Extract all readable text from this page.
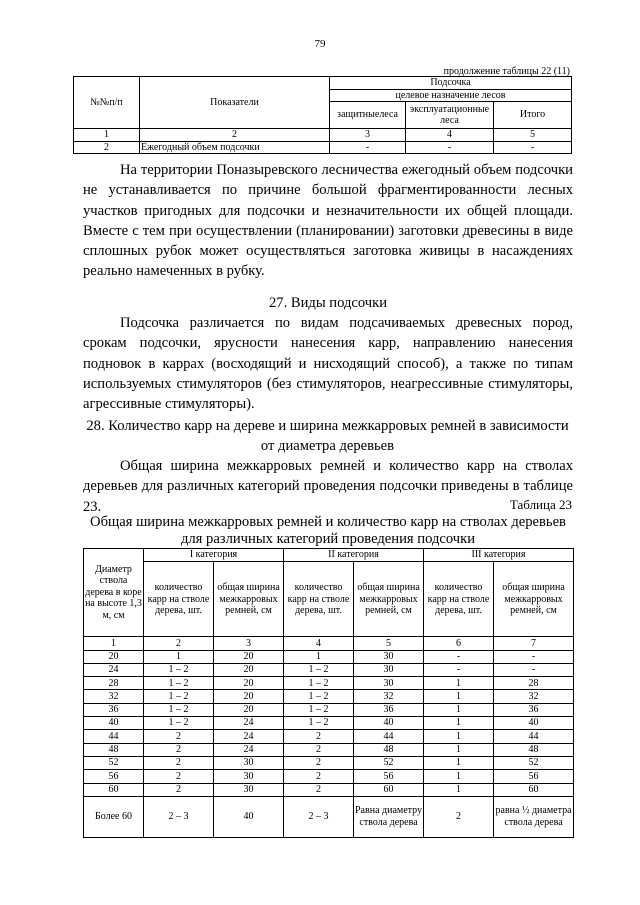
79
продолжение таблицы 22 (11)
№№п/п	Показатели	Подсочка		
		целевое назначение лесов		
		защитныелеса	эксплуатационные леса	Итого
1	2	3	4	5
2	Ежегодный объем подсочки	-	-	-

На территории Поназыревского лесничества ежегодный объем подсочки не устанавливается по причине большой фрагментированности лесных участков пригодных для подсочки и незначительности их общей площади. Вместе с тем при осуществлении (планировании) заготовки древесины в виде сплошных рубок может осуществляться заготовка живицы в насаждениях реально намеченных в рубку.

27. Виды подсочки

Подсочка различается по видам подсачиваемых древесных пород, срокам подсочки, ярусности нанесения карр, направлению нанесения подновок в каррах (восходящий и нисходящий способ), а также по типам используемых стимуляторов (без стимуляторов, неагрессивные стимуляторы, агрессивные стимуляторы).

28. Количество карр на дереве и ширина межкарровых ремней в зависимости от диаметра деревьев

Общая ширина межкарровых ремней и количество карр на стволах деревьев для различных категорий проведения подсочки приведены в таблице 23.	Таблица 23
Общая ширина межкарровых ремней и количество карр на стволах деревьев для различных категорий проведения подсочки
Диаметр ствола дерева в коре на высоте 1,3 м, см	I категория		II категория		III категория	
	количество карр на стволе дерева, шт.	общая ширина межкарровых ремней, см	количество карр на стволе дерева, шт.	общая ширина межкарровых ремней, см	количество карр на стволе дерева, шт.	общая ширина межкарровых ремней, см
1	2	3	4	5	6	7
20	1	20	1	30	-	-
24	1 – 2	20	1 – 2	30	-	-
28	1 – 2	20	1 – 2	30	1	28
32	1 – 2	20	1 – 2	32	1	32
36	1 – 2	20	1 – 2	36	1	36
40	1 – 2	24	1 – 2	40	1	40
44	2	24	2	44	1	44
48	2	24	2	48	1	48
52	2	30	2	52	1	52
56	2	30	2	56	1	56
60	2	30	2	60	1	60
Более 60	2 – 3	40	2 – 3	Равна диаметру ствола дерева	2	равна ½ диаметра ствола дерева
